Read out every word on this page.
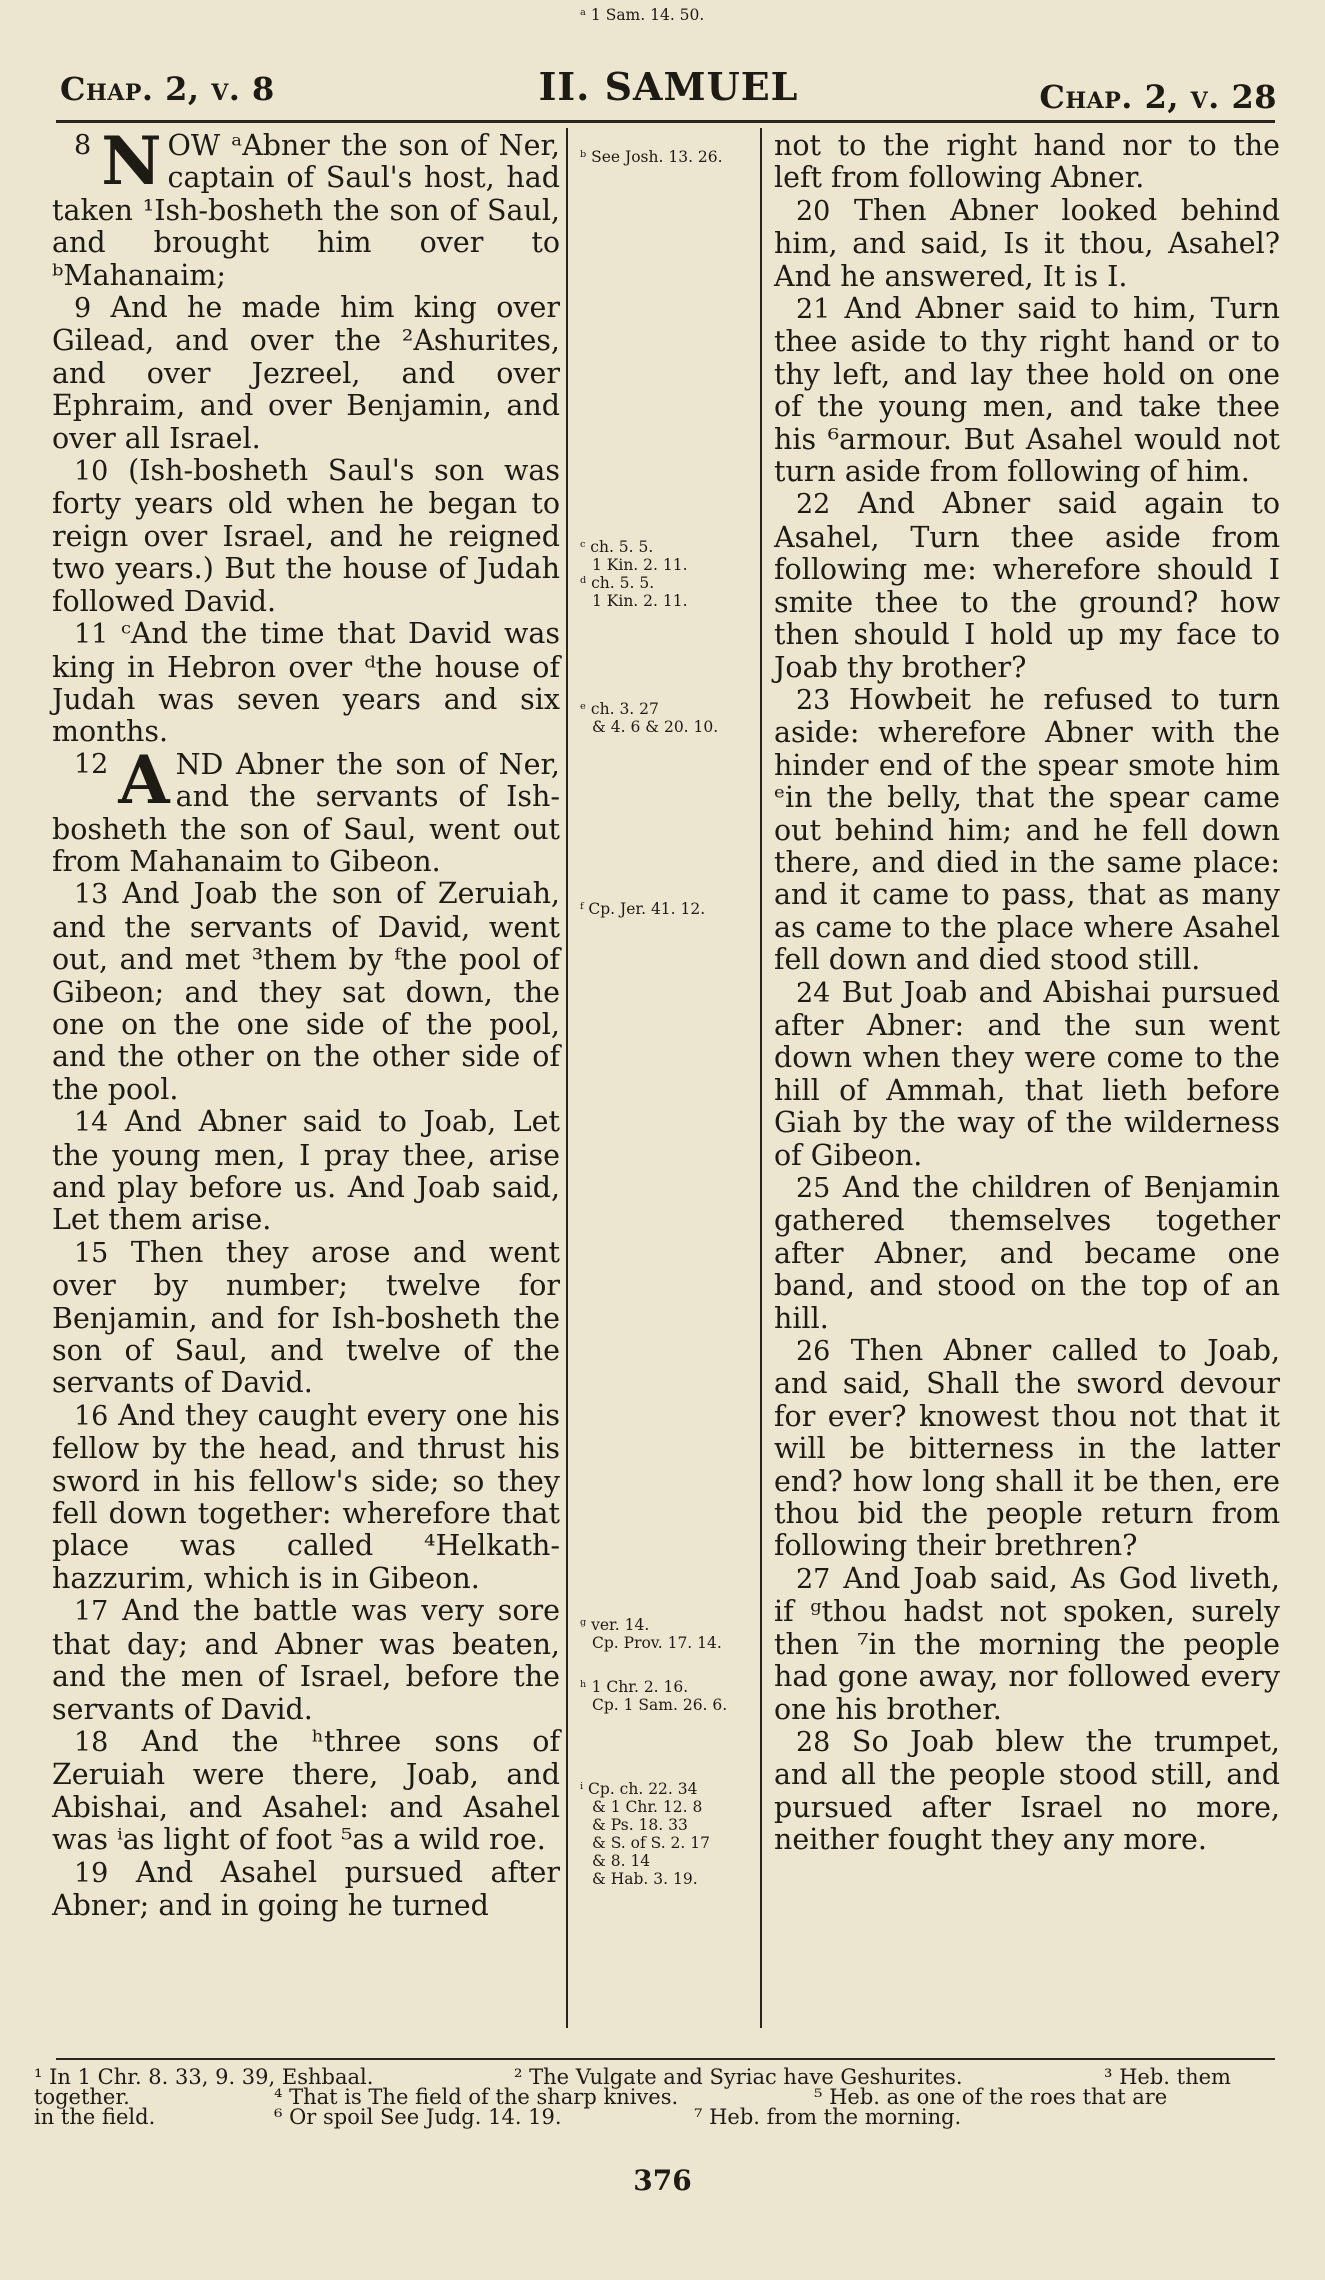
Chap. 2, v. 8	II. SAMUEL	Chap. 2, v. 28

8 N OW ᵃAbner the son of Ner, captain of Saul's host, had taken ¹Ish-bosheth the son of Saul, and brought him over to ᵇMahanaim;

9 And he made him king over Gilead, and over the ²Ashurites, and over Jezreel, and over Ephraim, and over Benjamin, and over all Israel.

10 (Ish-bosheth Saul's son was forty years old when he began to reign over Israel, and he reigned two years.) But the house of Judah followed David.

11 ᶜAnd the time that David was king in Hebron over ᵈthe house of Judah was seven years and six months.

12 A ND Abner the son of Ner, and the servants of Ish-bosheth the son of Saul, went out from Mahanaim to Gibeon.

13 And Joab the son of Zeruiah, and the servants of David, went out, and met ³them by ᶠthe pool of Gibeon; and they sat down, the one on the one side of the pool, and the other on the other side of the pool.

14 And Abner said to Joab, Let the young men, I pray thee, arise and play before us. And Joab said, Let them arise.

15 Then they arose and went over by number; twelve for Benjamin, and for Ish-bosheth the son of Saul, and twelve of the servants of David.

16 And they caught every one his fellow by the head, and thrust his sword in his fellow's side; so they fell down together: wherefore that place was called ⁴Helkath-hazzurim, which is in Gibeon.

17 And the battle was very sore that day; and Abner was beaten, and the men of Israel, before the servants of David.

18 And the ʰthree sons of Zeruiah were there, Joab, and Abishai, and Asahel: and Asahel was ⁱas light of foot ⁵as a wild roe.

19 And Asahel pursued after Abner; and in going he turned

not to the right hand nor to the left from following Abner.

20 Then Abner looked behind him, and said, Is it thou, Asahel? And he answered, It is I.

21 And Abner said to him, Turn thee aside to thy right hand or to thy left, and lay thee hold on one of the young men, and take thee his ⁶armour. But Asahel would not turn aside from following of him.

22 And Abner said again to Asahel, Turn thee aside from following me: wherefore should I smite thee to the ground? how then should I hold up my face to Joab thy brother?

23 Howbeit he refused to turn aside: wherefore Abner with the hinder end of the spear smote him ᵉin the belly, that the spear came out behind him; and he fell down there, and died in the same place: and it came to pass, that as many as came to the place where Asahel fell down and died stood still.

24 But Joab and Abishai pursued after Abner: and the sun went down when they were come to the hill of Ammah, that lieth before Giah by the way of the wilderness of Gibeon.

25 And the children of Benjamin gathered themselves together after Abner, and became one band, and stood on the top of an hill.

26 Then Abner called to Joab, and said, Shall the sword devour for ever? knowest thou not that it will be bitterness in the latter end? how long shall it be then, ere thou bid the people return from following their brethren?

27 And Joab said, As God liveth, if ᵍthou hadst not spoken, surely then ⁷in the morning the people had gone away, nor followed every one his brother.

28 So Joab blew the trumpet, and all the people stood still, and pursued after Israel no more, neither fought they any more.

ᵃ 1 Sam. 14. 50.
ᵇ See Josh. 13. 26.
ᶜ ch. 5. 5.
1 Kin. 2. 11.
ᵈ ch. 5. 5.
1 Kin. 2. 11.
ᵉ ch. 3. 27
& 4. 6 & 20. 10.
ᶠ Cp. Jer. 41. 12.
ᵍ ver. 14.
Cp. Prov. 17. 14.
ʰ 1 Chr. 2. 16.
Cp. 1 Sam. 26. 6.
ⁱ Cp. ch. 22. 34
& 1 Chr. 12. 8
& Ps. 18. 33
& S. of S. 2. 17
& 8. 14
& Hab. 3. 19.
¹ In 1 Chr. 8. 33, 9. 39, Eshbaal.	² The Vulgate and Syriac have Geshurites.	³ Heb. them
together.	⁴ That is The field of the sharp knives.	⁵ Heb. as one of the roes that are
in the field.	⁶ Or spoil See Judg. 14. 19.	⁷ Heb. from the morning.
376
